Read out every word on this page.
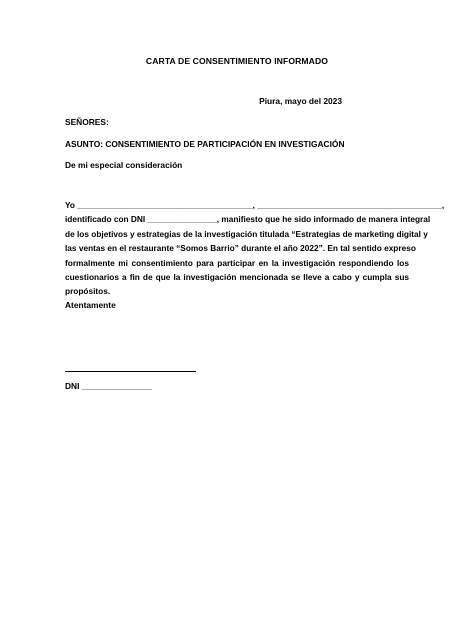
CARTA DE CONSENTIMIENTO INFORMADO
Piura, mayo del 2023
SEÑORES:
ASUNTO: CONSENTIMIENTO DE PARTICIPACIÓN EN INVESTIGACIÓN
De mi especial consideración
Yo ______________________________________, ________________________________________,
identificado con DNI _______________, manifiesto que he sido informado de manera integral
de los objetivos y estrategias de la investigación titulada “Estrategias de marketing digital y
las ventas en el restaurante “Somos Barrio” durante el año 2022”. En tal sentido expreso
formalmente mi consentimiento para participar en la investigación respondiendo los
cuestionarios a fin de que la investigación mencionada se lleve a cabo y cumpla sus
propósitos.
Atentamente
DNI _______________
